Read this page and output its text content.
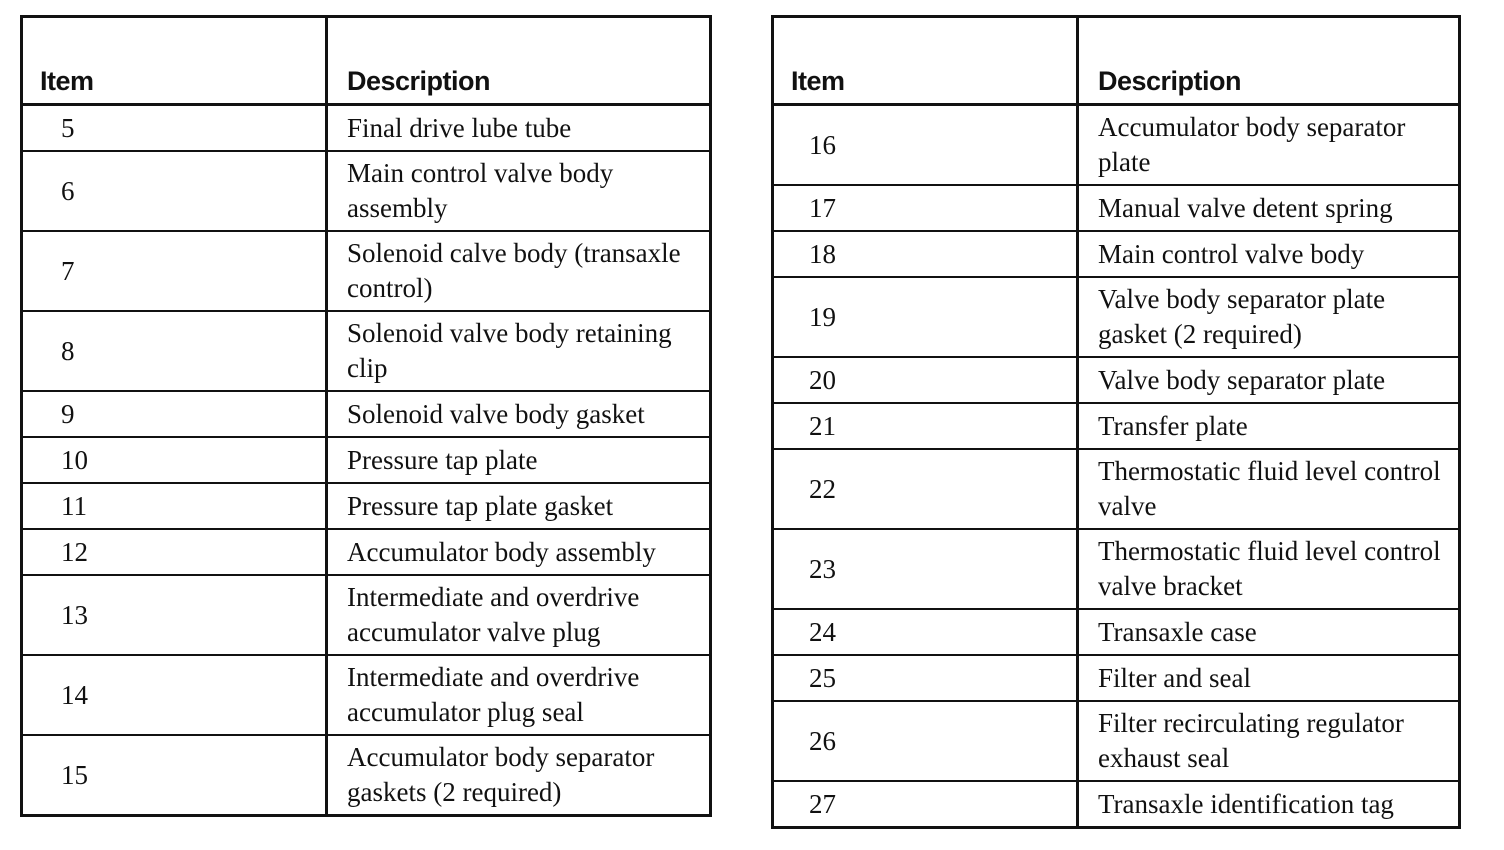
Item	Description
5	Final drive lube tube
6	Main control valve body assembly
7	Solenoid calve body (transaxle control)
8	Solenoid valve body retaining clip
9	Solenoid valve body gasket
10	Pressure tap plate
11	Pressure tap plate gasket
12	Accumulator body assembly
13	Intermediate and overdrive accumulator valve plug
14	Intermediate and overdrive accumulator plug seal
15	Accumulator body separator gaskets (2 required)
Item	Description
16	Accumulator body separator plate
17	Manual valve detent spring
18	Main control valve body
19	Valve body separator plate gasket (2 required)
20	Valve body separator plate
21	Transfer plate
22	Thermostatic fluid level control valve
23	Thermostatic fluid level control valve bracket
24	Transaxle case
25	Filter and seal
26	Filter recirculating regulator exhaust seal
27	Transaxle identification tag
